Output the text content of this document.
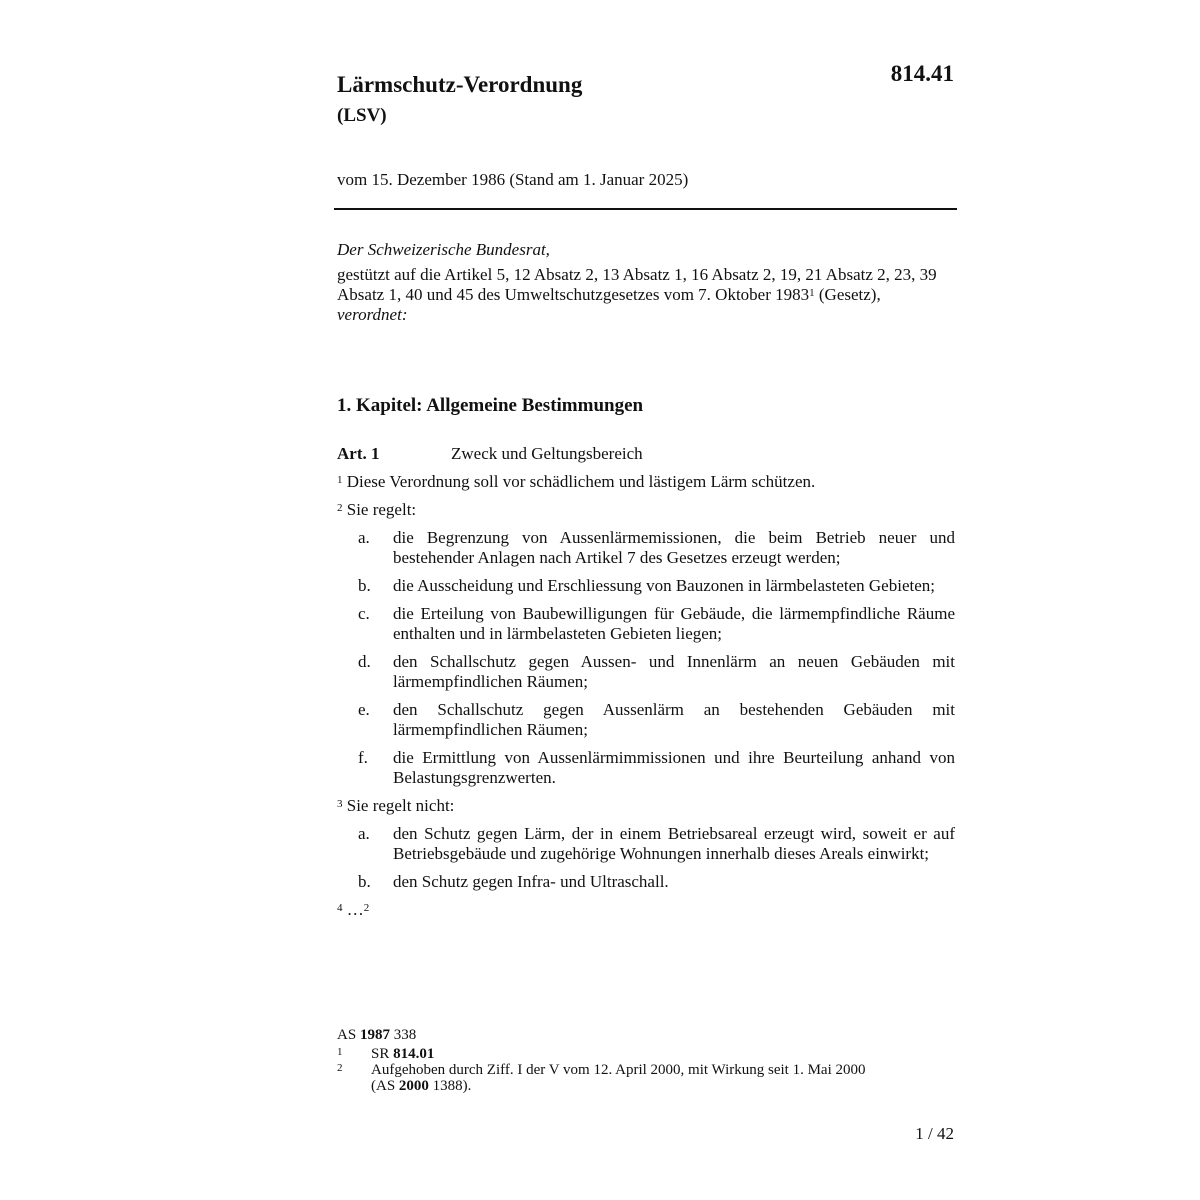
814.41
Lärmschutz-Verordnung
(LSV)
vom 15. Dezember 1986 (Stand am 1. Januar 2025)
Der Schweizerische Bundesrat,
gestützt auf die Artikel 5, 12 Absatz 2, 13 Absatz 1, 16 Absatz 2, 19, 21 Absatz 2, 23, 39 Absatz 1, 40 und 45 des Umweltschutzgesetzes vom 7. Oktober 1983$^1$ (Gesetz),
verordnet:
1. Kapitel: Allgemeine Bestimmungen
Art. 1	Zweck und Geltungsbereich
$^1$ Diese Verordnung soll vor schädlichem und lästigem Lärm schützen.
$^2$ Sie regelt:
a.	die Begrenzung von Aussenlärmemissionen, die beim Betrieb neuer und bestehender Anlagen nach Artikel 7 des Gesetzes erzeugt werden;
b.	die Ausscheidung und Erschliessung von Bauzonen in lärmbelasteten Gebieten;
c.	die Erteilung von Baubewilligungen für Gebäude, die lärmempfindliche Räume enthalten und in lärmbelasteten Gebieten liegen;
d.	den Schallschutz gegen Aussen- und Innenlärm an neuen Gebäuden mit lärmempfindlichen Räumen;
e.	den Schallschutz gegen Aussenlärm an bestehenden Gebäuden mit lärmempfindlichen Räumen;
f.	die Ermittlung von Aussenlärmimmissionen und ihre Beurteilung anhand von Belastungsgrenzwerten.
$^3$ Sie regelt nicht:
a.	den Schutz gegen Lärm, der in einem Betriebsareal erzeugt wird, soweit er auf Betriebsgebäude und zugehörige Wohnungen innerhalb dieses Areals einwirkt;
b.	den Schutz gegen Infra- und Ultraschall.
$^4$ …$^2$
AS 1987 338
1	SR 814.01
2	Aufgehoben durch Ziff. I der V vom 12. April 2000, mit Wirkung seit 1. Mai 2000
(AS 2000 1388).
1 / 42
